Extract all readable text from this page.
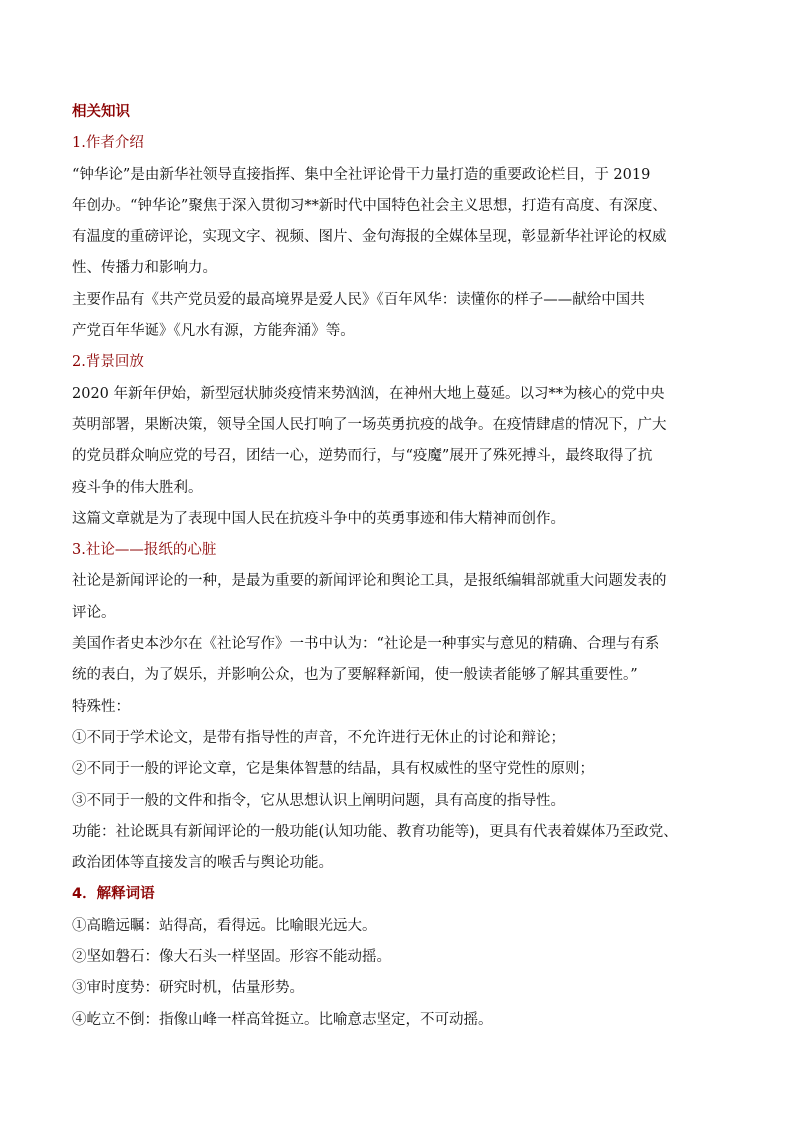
相关知识
1.作者介绍
“钟华论”是由新华社领导直接指挥、集中全社评论骨干力量打造的重要政论栏目，于 2019
年创办。“钟华论”聚焦于深入贯彻习**新时代中国特色社会主义思想，打造有高度、有深度、
有温度的重磅评论，实现文字、视频、图片、金句海报的全媒体呈现，彰显新华社评论的权威
性、传播力和影响力。
主要作品有《共产党员爱的最高境界是爱人民》《百年风华：读懂你的样子——献给中国共
产党百年华诞》《凡水有源，方能奔涌》等。
2.背景回放
2020 年新年伊始，新型冠状肺炎疫情来势汹汹，在神州大地上蔓延。以习**为核心的党中央
英明部署，果断决策，领导全国人民打响了一场英勇抗疫的战争。在疫情肆虐的情况下，广大
的党员群众响应党的号召，团结一心，逆势而行，与“疫魔”展开了殊死搏斗，最终取得了抗
疫斗争的伟大胜利。
这篇文章就是为了表现中国人民在抗疫斗争中的英勇事迹和伟大精神而创作。
3.社论——报纸的心脏
社论是新闻评论的一种，是最为重要的新闻评论和舆论工具，是报纸编辑部就重大问题发表的
评论。
美国作者史本沙尔在《社论写作》一书中认为：“社论是一种事实与意见的精确、合理与有系
统的表白，为了娱乐，并影响公众，也为了要解释新闻，使一般读者能够了解其重要性。”
特殊性：
①不同于学术论文，是带有指导性的声音，不允许进行无休止的讨论和辩论；
②不同于一般的评论文章，它是集体智慧的结晶，具有权威性的坚守党性的原则；
③不同于一般的文件和指令，它从思想认识上阐明问题，具有高度的指导性。
功能：社论既具有新闻评论的一般功能(认知功能、教育功能等)，更具有代表着媒体乃至政党、
政治团体等直接发言的喉舌与舆论功能。
4．解释词语
①高瞻远瞩：站得高，看得远。比喻眼光远大。
②坚如磐石：像大石头一样坚固。形容不能动摇。
③审时度势：研究时机，估量形势。
④屹立不倒：指像山峰一样高耸挺立。比喻意志坚定，不可动摇。
